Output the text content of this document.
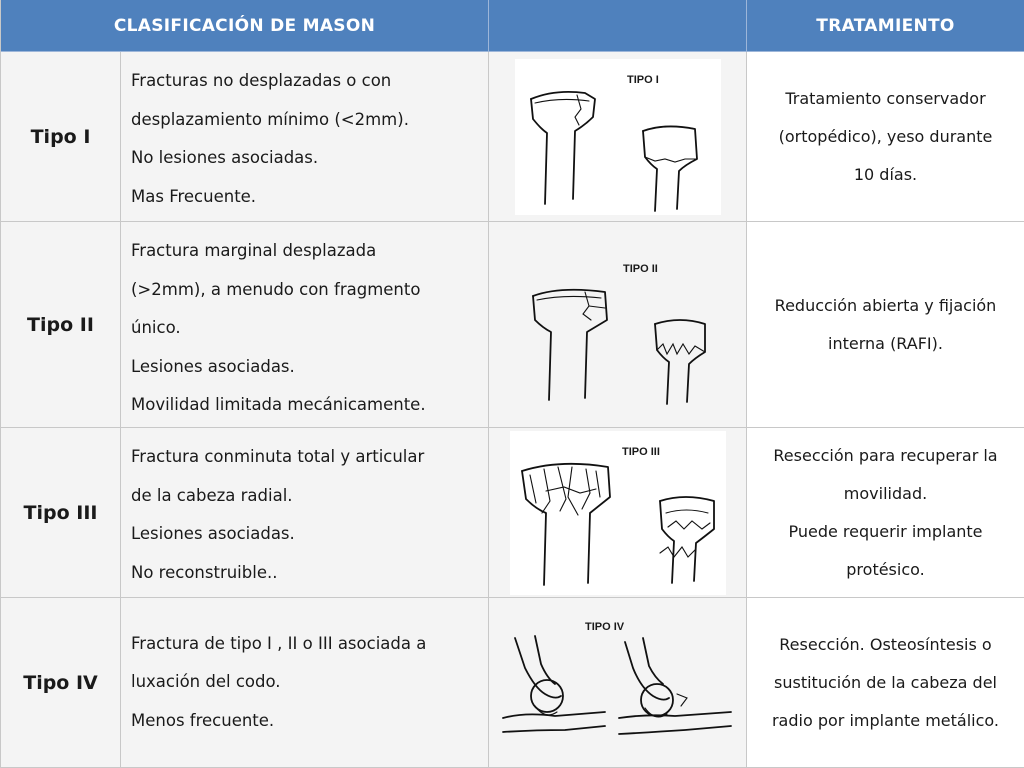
CLASIFICACIÓN DE MASON	TRATAMIENTO
Tipo I
Fracturas no desplazadas o con
desplazamiento mínimo (<2mm).
No lesiones asociadas.
Mas Frecuente.
TIPO I
Tratamiento conservador
(ortopédico), yeso durante
10 días.
Tipo II
Fractura marginal desplazada
(>2mm), a menudo con fragmento
único.
Lesiones asociadas.
Movilidad limitada mecánicamente.
TIPO II
Reducción abierta y fijación
interna (RAFI).
Tipo III
Fractura conminuta total y articular
de la cabeza radial.
Lesiones asociadas.
No reconstruible..
TIPO III	Resección para recuperar la
movilidad.
Puede requerir implante
protésico.
Tipo IV
Fractura de tipo I , II o III asociada a
luxación del codo.
Menos frecuente.
TIPO IV
Resección. Osteosíntesis o
sustitución de la cabeza del
radio por implante metálico.
